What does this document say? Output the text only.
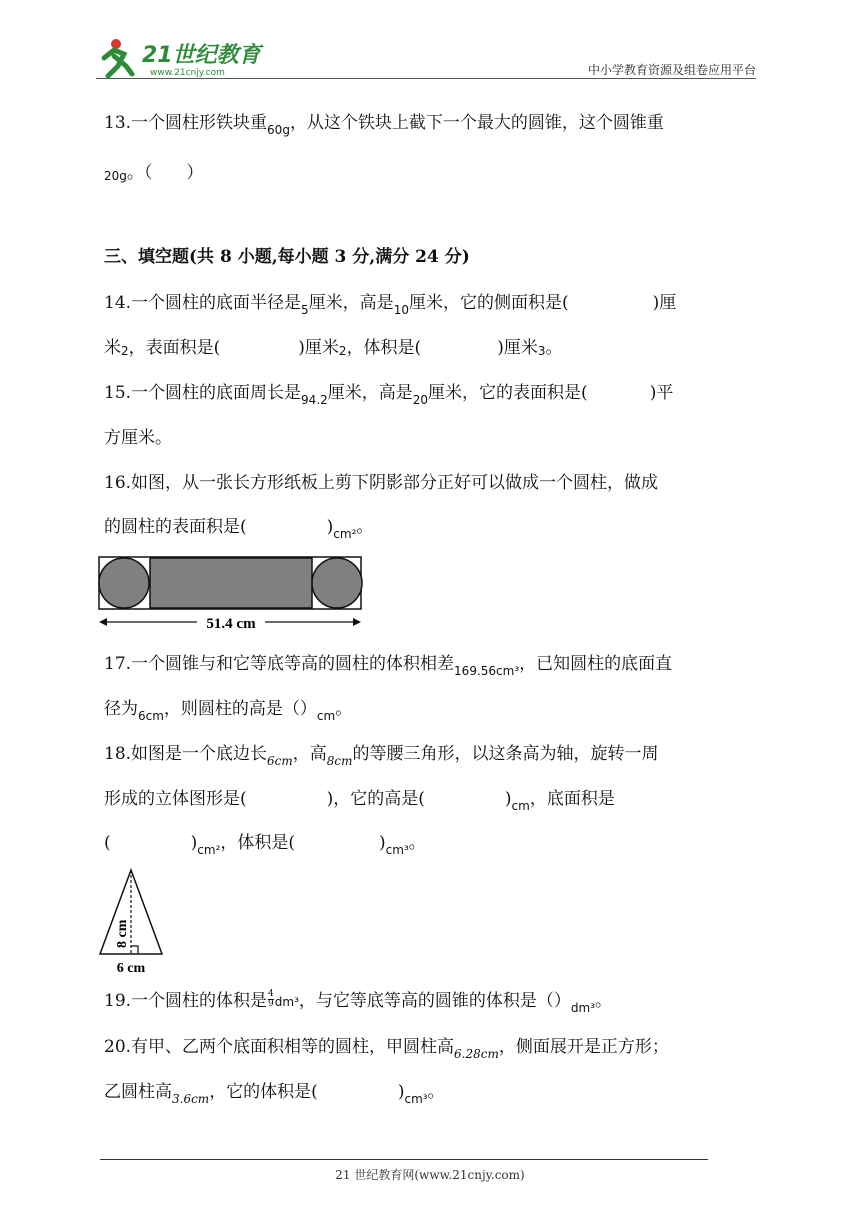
21世纪教育
www.21cnjy.com	中小学教育资源及组卷应用平台
13.一个圆柱形铁块重$_{60g}$，从这个铁块上截下一个最大的圆锥，这个圆锥重
20g。（　　）
三、填空题(共 8 小题,每小题 3 分,满分 24 分)
14.一个圆柱的底面半径是$_5$厘米，高是$_{10}$厘米，它的侧面积是(	)厘
米2，表面积是(	)厘米2，体积是(	)厘米3。
15.一个圆柱的底面周长是$_{94.2}$厘米，高是$_{20}$厘米，它的表面积是(	)平
方厘米。
16.如图，从一张长方形纸板上剪下阴影部分正好可以做成一个圆柱，做成
的圆柱的表面积是(	)$_{cm^2}$。
51.4 cm
17.一个圆锥与和它等底等高的圆柱的体积相差$_{169.56cm^3}$，已知圆柱的底面直
径为$_{6cm}$，则圆柱的高是$()_{cm}$。
18.如图是一个底边长$_{6cm}$，高$_{8cm}$的等腰三角形，以这条高为轴，旋转一周
形成的立体图形是(	)，它的高是(	)$_{cm}$，底面积是
(	)$_{cm^2}$，体积是(	)$_{cm^3}$。
8 cm
6 cm
19.一个圆柱的体积是 $\frac{4}{9} dm^3$，与它等底等高的圆锥的体积是$()_{dm^3}$。
20.有甲、乙两个底面积相等的圆柱，甲圆柱高$_{6.28cm}$，侧面展开是正方形；
乙圆柱高$_{3.6cm}$，它的体积是(	)$_{cm^3}$。
21 世纪教育网(www.21cnjy.com)
